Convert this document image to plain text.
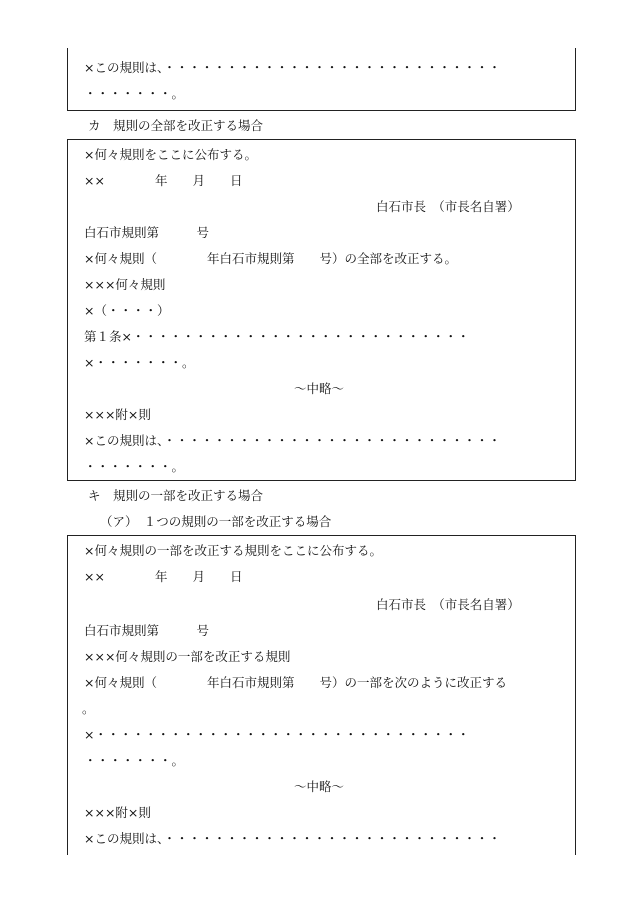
×この規則は、・・・・・・・・・・・・・・・・・・・・・・・・・・・
・・・・・・・。
カ　規則の全部を改正する場合
×何々規則をここに公布する。
××　　　　年　　月　　日
白石市長　（市長名自署）
白石市規則第　　　号
×何々規則（　　　　年白石市規則第　　号）の全部を改正する。
×××何々規則
×（・・・・）
第１条×・・・・・・・・・・・・・・・・・・・・・・・・・・・
×・・・・・・・。
～中略～
×××附×則
×この規則は、・・・・・・・・・・・・・・・・・・・・・・・・・・・
・・・・・・・。
キ　規則の一部を改正する場合
（ア）　１つの規則の一部を改正する場合
×何々規則の一部を改正する規則をここに公布する。
××　　　　年　　月　　日
白石市長　（市長名自署）
白石市規則第　　　号
×××何々規則の一部を改正する規則
×何々規則（　　　　年白石市規則第　　号）の一部を次のように改正する
。
×・・・・・・・・・・・・・・・・・・・・・・・・・・・・・・
・・・・・・・。
～中略～
×××附×則
×この規則は、・・・・・・・・・・・・・・・・・・・・・・・・・・・
